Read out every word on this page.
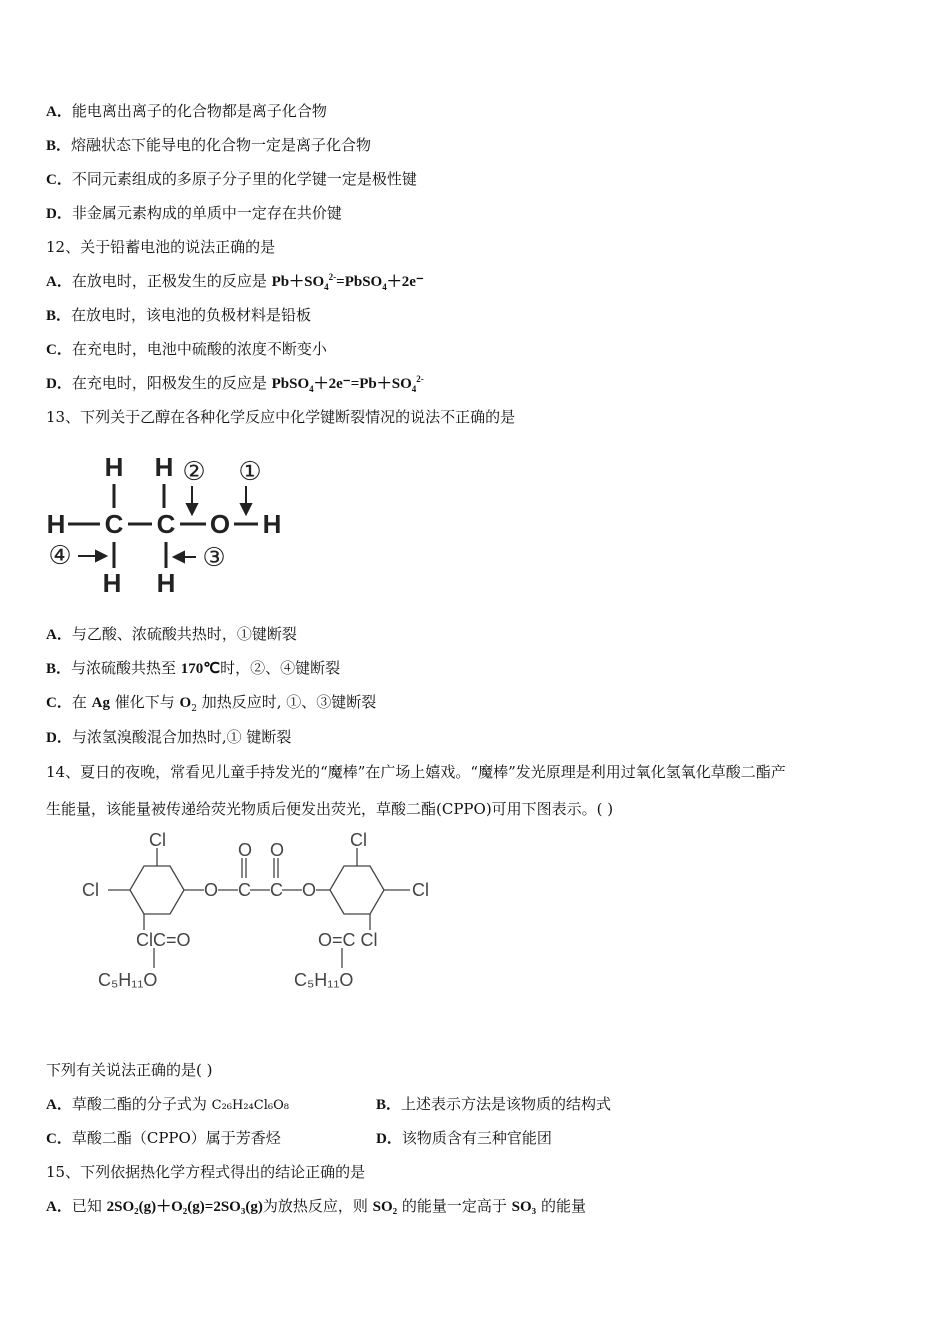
A．能电离出离子的化合物都是离子化合物
B．熔融状态下能导电的化合物一定是离子化合物
C．不同元素组成的多原子分子里的化学键一定是极性键
D．非金属元素构成的单质中一定存在共价键
12、关于铅蓄电池的说法正确的是
A．在放电时，正极发生的反应是 $Pb+SO_4^{2-}=PbSO_4+2e^-$
B．在放电时，该电池的负极材料是铅板
C．在充电时，电池中硫酸的浓度不断变小
D．在充电时，阳极发生的反应是 $PbSO_4+2e^-=Pb+SO_4^{2-}$
13、下列关于乙醇在各种化学反应中化学键断裂情况的说法不正确的是
H H
H C C O H
H H
② ①
④	③
A．与乙酸、浓硫酸共热时，①键断裂
B．与浓硫酸共热至 170℃时，②、④键断裂
C．在 Ag 催化下与 $O_2$ 加热反应时, ①、③键断裂
D．与浓氢溴酸混合加热时,① 键断裂
14、夏日的夜晚，常看见儿童手持发光的“魔棒”在广场上嬉戏。“魔棒”发光原理是利用过氧化氢氧化草酸二酯产
生能量，该能量被传递给荧光物质后便发出荧光，草酸二酯(CPPO)可用下图表示。( )
Cl
Cl	O C C O
O O	Cl
Cl
ClC=O	O=C Cl
C₅H₁₁O	C₅H₁₁O
下列有关说法正确的是( )
A．草酸二酯的分子式为 C₂₆H₂₄Cl₆O₈	B．上述表示方法是该物质的结构式
C．草酸二酯（CPPO）属于芳香烃	D．该物质含有三种官能团
15、下列依据热化学方程式得出的结论正确的是
A．已知 2SO₂(g)＋O₂(g)=2SO₃(g)为放热反应，则 SO₂ 的能量一定高于 SO₃ 的能量
